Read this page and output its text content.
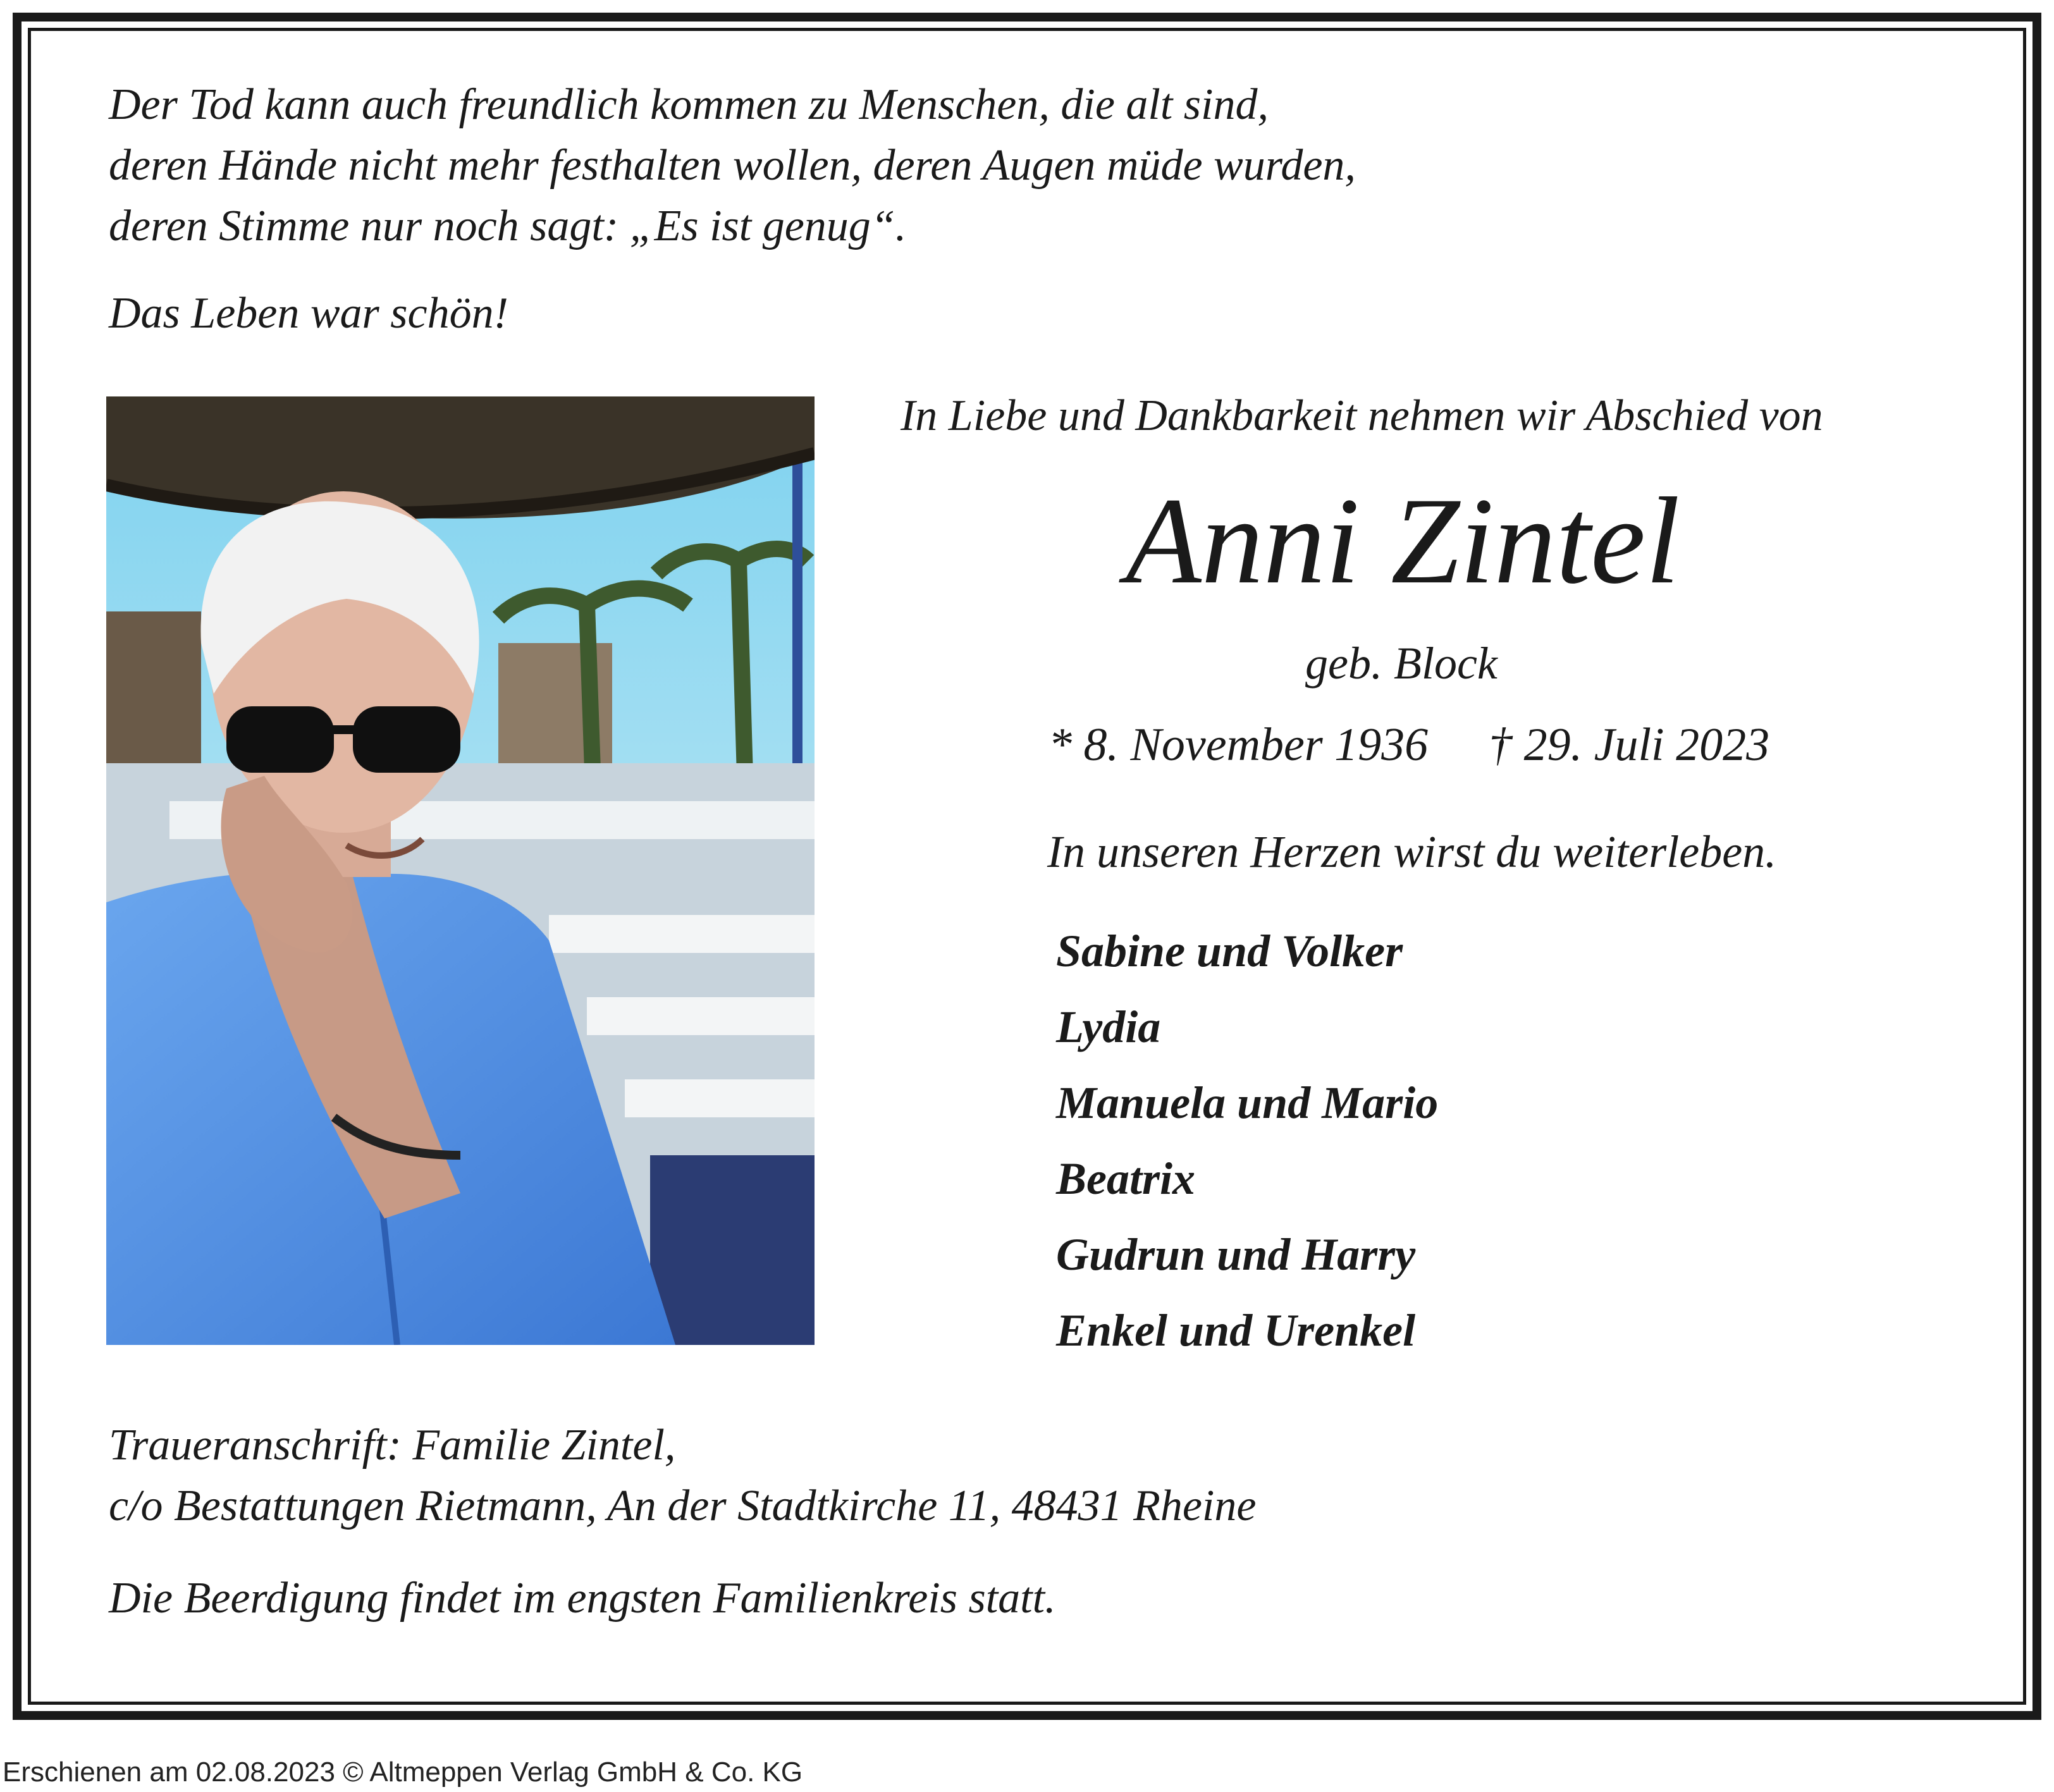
Der Tod kann auch freundlich kommen zu Menschen, die alt sind,
deren Hände nicht mehr festhalten wollen, deren Augen müde wurden,
deren Stimme nur noch sagt: „Es ist genug“.
Das Leben war schön!
In Liebe und Dankbarkeit nehmen wir Abschied von
Anni Zintel
geb. Block
* 8. November 1936 † 29. Juli 2023
In unseren Herzen wirst du weiterleben.
Sabine und Volker
Lydia
Manuela und Mario
Beatrix
Gudrun und Harry
Enkel und Urenkel
Traueranschrift: Familie Zintel,
c/o Bestattungen Rietmann, An der Stadtkirche 11, 48431 Rheine
Die Beerdigung findet im engsten Familienkreis statt.
Erschienen am 02.08.2023 © Altmeppen Verlag GmbH & Co. KG
